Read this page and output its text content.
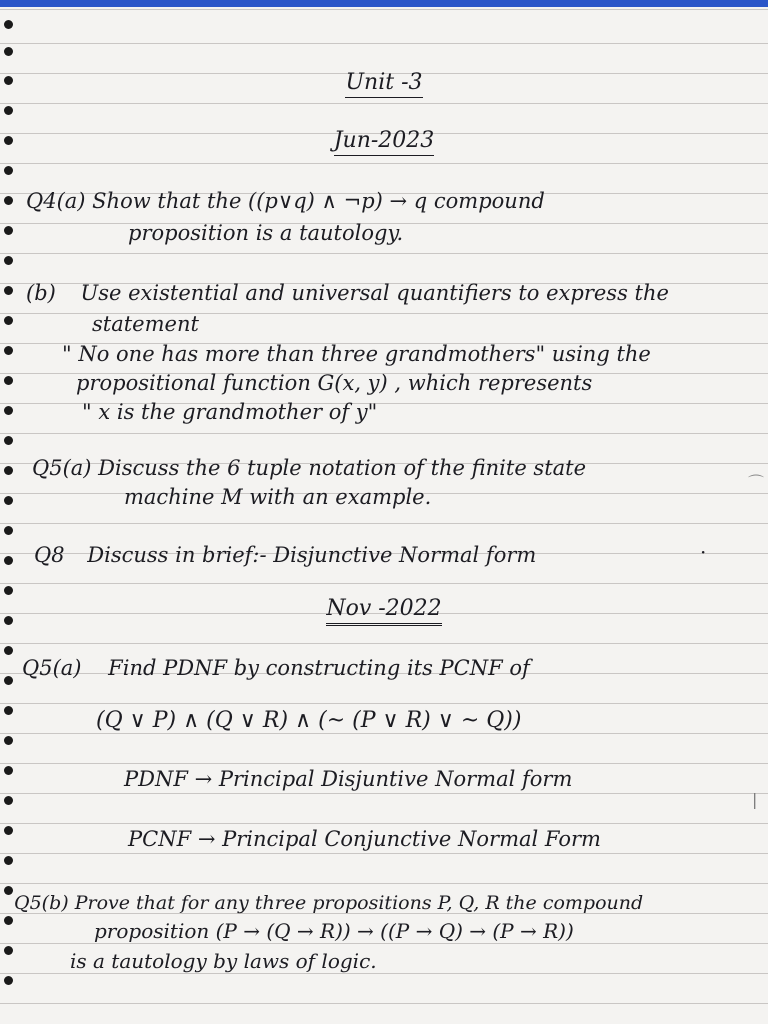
Unit -3
Jun-2023
Q4(a) Show that the ((p∨q) ∧ ¬p) → q compound
proposition is a tautology.
(b) Use existential and universal quantifiers to express the
statement
" No one has more than three grandmothers" using the
propositional function G(x, y) , which represents
" x is the grandmother of y"
Q5(a) Discuss the 6 tuple notation of the finite state
machine M with an example.
Q8 Discuss in brief:- Disjunctive Normal form	·
Nov -2022
Q5(a) Find PDNF by constructing its PCNF of
(Q ∨ P) ∧ (Q ∨ R) ∧ (~ (P ∨ R) ∨ ~ Q))
PDNF → Principal Disjuntive Normal form
PCNF → Principal Conjunctive Normal Form
Q5(b) Prove that for any three propositions P, Q, R the compound
proposition (P → (Q → R)) → ((P → Q) → (P → R))
is a tautology by laws of logic.
⌒
|
